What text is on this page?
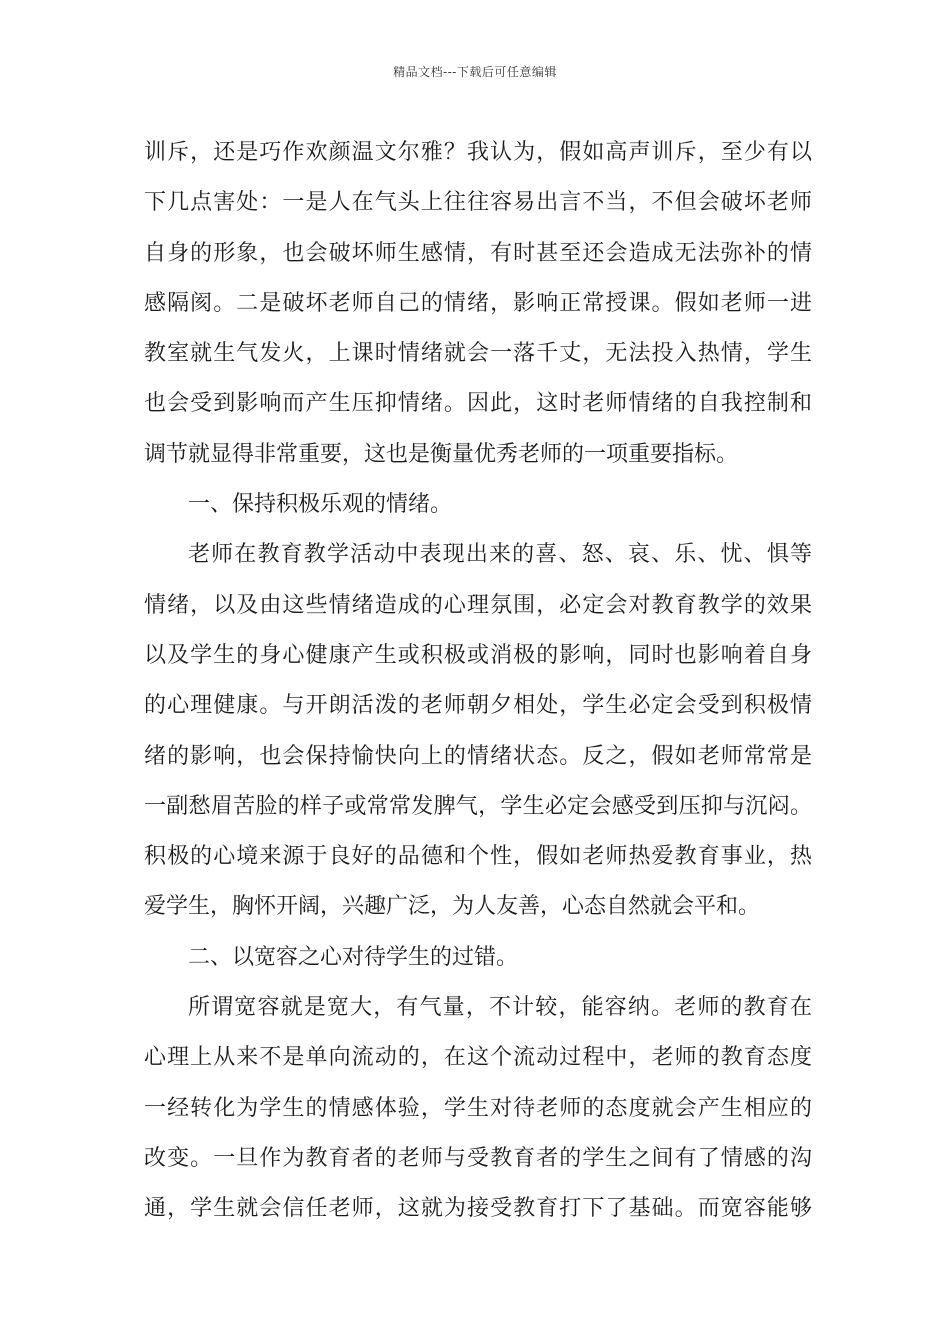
精品文档---下载后可任意编辑
训斥，还是巧作欢颜温文尔雅？我认为，假如高声训斥，至少有以
下几点害处：一是人在气头上往往容易出言不当，不但会破坏老师
自身的形象，也会破坏师生感情，有时甚至还会造成无法弥补的情
感隔阂。二是破坏老师自己的情绪，影响正常授课。假如老师一进
教室就生气发火，上课时情绪就会一落千丈，无法投入热情，学生
也会受到影响而产生压抑情绪。因此，这时老师情绪的自我控制和
调节就显得非常重要，这也是衡量优秀老师的一项重要指标。
一、保持积极乐观的情绪。
老师在教育教学活动中表现出来的喜、怒、哀、乐、忧、惧等
情绪，以及由这些情绪造成的心理氛围，必定会对教育教学的效果
以及学生的身心健康产生或积极或消极的影响，同时也影响着自身
的心理健康。与开朗活泼的老师朝夕相处，学生必定会受到积极情
绪的影响，也会保持愉快向上的情绪状态。反之，假如老师常常是
一副愁眉苦脸的样子或常常发脾气，学生必定会感受到压抑与沉闷。
积极的心境来源于良好的品德和个性，假如老师热爱教育事业，热
爱学生，胸怀开阔，兴趣广泛，为人友善，心态自然就会平和。
二、以宽容之心对待学生的过错。
所谓宽容就是宽大，有气量，不计较，能容纳。老师的教育在
心理上从来不是单向流动的，在这个流动过程中，老师的教育态度
一经转化为学生的情感体验，学生对待老师的态度就会产生相应的
改变。一旦作为教育者的老师与受教育者的学生之间有了情感的沟
通，学生就会信任老师，这就为接受教育打下了基础。而宽容能够
